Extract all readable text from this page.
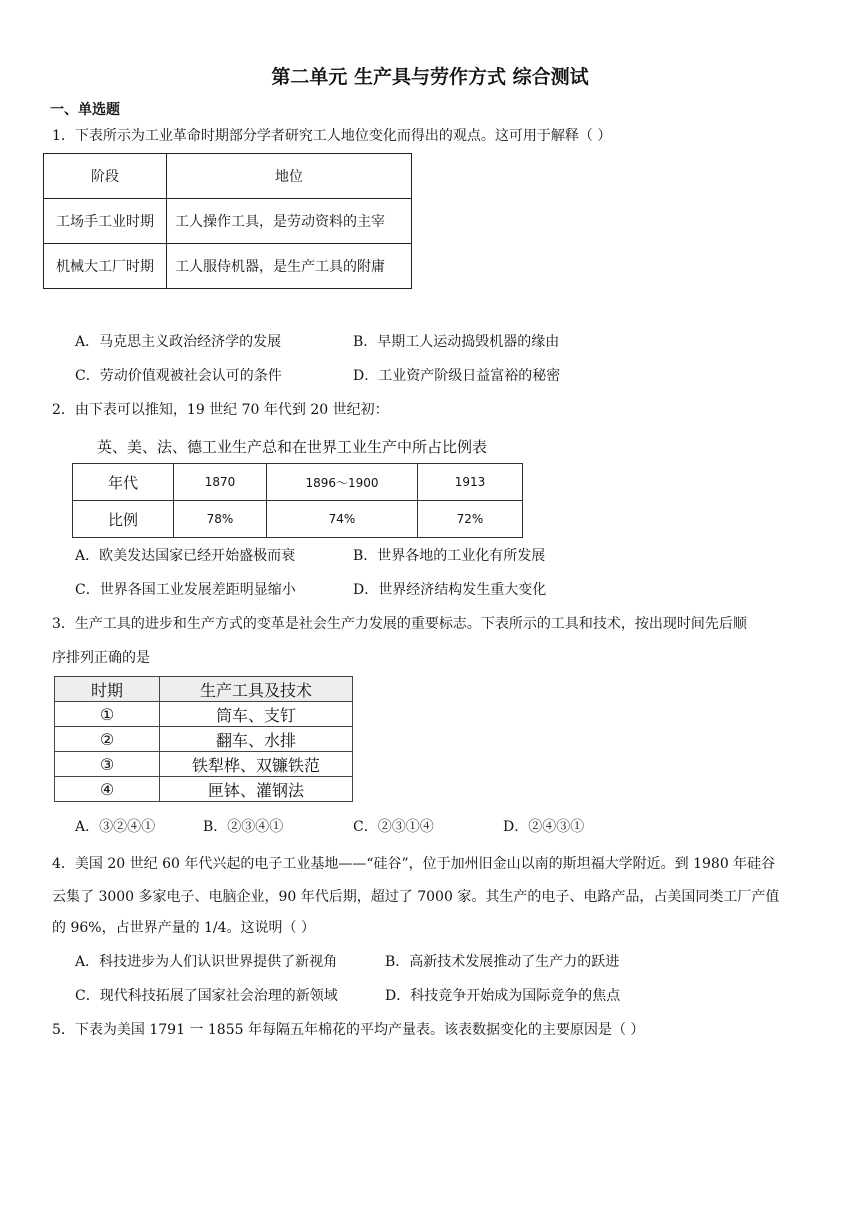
第二单元 生产具与劳作方式 综合测试
一、单选题
1．下表所示为工业革命时期部分学者研究工人地位变化而得出的观点。这可用于解释（ ）
阶段	地位
工场手工业时期	工人操作工具，是劳动资料的主宰
机械大工厂时期	工人服侍机器，是生产工具的附庸
A．马克思主义政治经济学的发展	B．早期工人运动捣毁机器的缘由
C．劳动价值观被社会认可的条件	D．工业资产阶级日益富裕的秘密
2．由下表可以推知，19 世纪 70 年代到 20 世纪初：
英、美、法、德工业生产总和在世界工业生产中所占比例表
年代	1870	1896～1900	1913
比例	78%	74%	72%
A．欧美发达国家已经开始盛极而衰	B．世界各地的工业化有所发展
C．世界各国工业发展差距明显缩小	D．世界经济结构发生重大变化
3．生产工具的进步和生产方式的变革是社会生产力发展的重要标志。下表所示的工具和技术，按出现时间先后顺
序排列正确的是
时期	生产工具及技术
①	筒车、支钉
②	翻车、水排
③	铁犁桦、双镰铁范
④	匣钵、灌钢法
A．③②④①	B．②③④①	C．②③①④	D．②④③①
4．美国 20 世纪 60 年代兴起的电子工业基地——“硅谷”，位于加州旧金山以南的斯坦福大学附近。到 1980 年硅谷
云集了 3000 多家电子、电脑企业，90 年代后期，超过了 7000 家。其生产的电子、电路产品，占美国同类工厂产值
的 96%，占世界产量的 1/4。这说明（ ）
A．科技进步为人们认识世界提供了新视角	B．高新技术发展推动了生产力的跃进
C．现代科技拓展了国家社会治理的新领域	D．科技竞争开始成为国际竞争的焦点
5．下表为美国 1791 一 1855 年每隔五年棉花的平均产量表。该表数据变化的主要原因是（ ）
